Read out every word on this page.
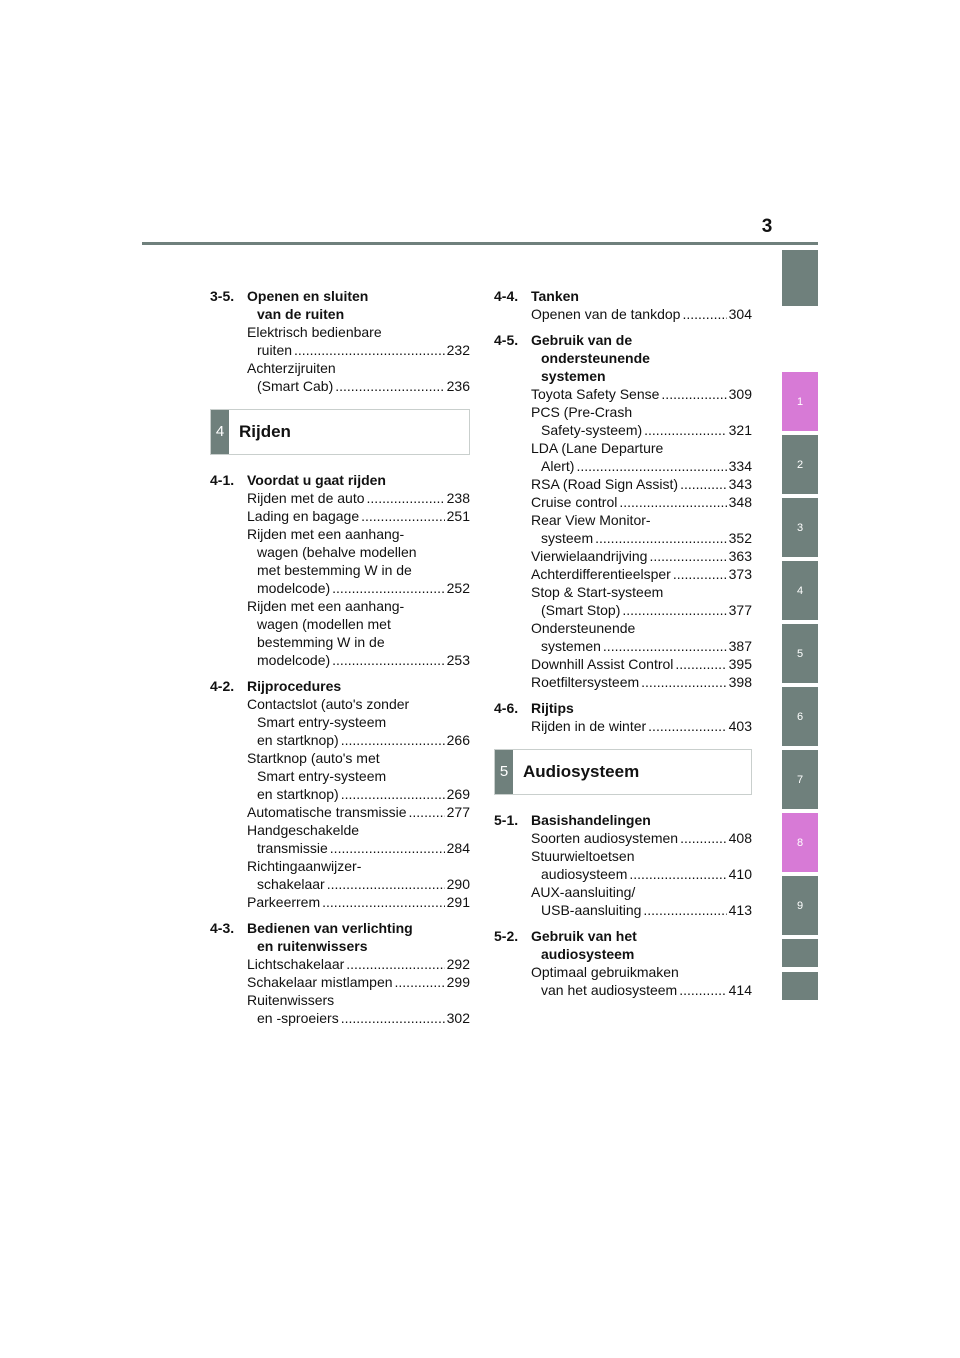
3
1
2
3
4
5
6
7
8
9
3-5. Openen en sluiten
van de ruiten
Elektrisch bedienbare
ruiten .....	232
Achterzijruiten
(Smart Cab) .....	236
4 Rijden
4-1. Voordat u gaat rijden
Rijden met de auto .....	238
Lading en bagage .....	251
Rijden met een aanhang-
wagen (behalve modellen
met bestemming W in de
modelcode) .....	252
Rijden met een aanhang-
wagen (modellen met
bestemming W in de
modelcode) .....	253
4-2. Rijprocedures
Contactslot (auto's zonder
Smart entry-systeem
en startknop) .....	266
Startknop (auto's met
Smart entry-systeem
en startknop) .....	269
Automatische transmissie .....	277
Handgeschakelde
transmissie .....	284
Richtingaanwijzer-
schakelaar .....	290
Parkeerrem .....	291
4-3. Bedienen van verlichting
en ruitenwissers
Lichtschakelaar .....	292
Schakelaar mistlampen .....	299
Ruitenwissers
en -sproeiers .....	302
4-4. Tanken
Openen van de tankdop .....	304
4-5. Gebruik van de
ondersteunende
systemen
Toyota Safety Sense .....	309
PCS (Pre-Crash
Safety-systeem) .....	321
LDA (Lane Departure
Alert) .....	334
RSA (Road Sign Assist) .....	343
Cruise control .....	348
Rear View Monitor-
systeem .....	352
Vierwielaandrijving .....	363
Achterdifferentieelsper .....	373
Stop & Start-systeem
(Smart Stop) .....	377
Ondersteunende
systemen .....	387
Downhill Assist Control .....	395
Roetfiltersysteem .....	398
4-6. Rijtips
Rijden in de winter .....	403
5 Audiosysteem
5-1. Basishandelingen
Soorten audiosystemen .....	408
Stuurwieltoetsen
audiosysteem .....	410
AUX-aansluiting/
USB-aansluiting .....	413
5-2. Gebruik van het
audiosysteem
Optimaal gebruikmaken
van het audiosysteem .....	414
